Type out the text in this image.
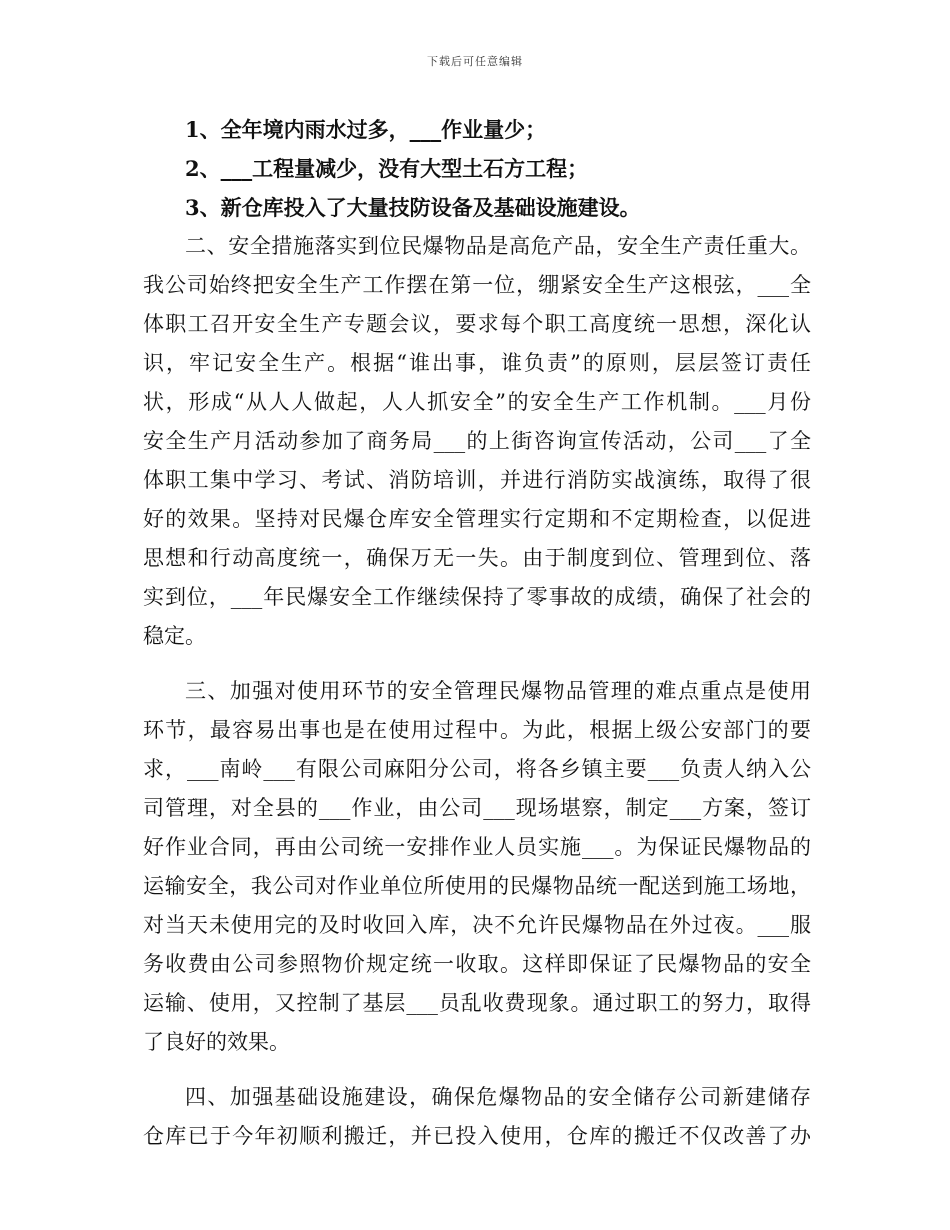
下载后可任意编辑
1、全年境内雨水过多，___作业量少；
2、___工程量减少，没有大型土石方工程；
3、新仓库投入了大量技防设备及基础设施建设。
二、安全措施落实到位民爆物品是高危产品，安全生产责任重大。
我公司始终把安全生产工作摆在第一位，绷紧安全生产这根弦，___全
体职工召开安全生产专题会议，要求每个职工高度统一思想，深化认
识，牢记安全生产。根据“谁出事，谁负责”的原则，层层签订责任
状，形成“从人人做起，人人抓安全”的安全生产工作机制。___月份
安全生产月活动参加了商务局___的上街咨询宣传活动，公司___了全
体职工集中学习、考试、消防培训，并进行消防实战演练，取得了很
好的效果。坚持对民爆仓库安全管理实行定期和不定期检查，以促进
思想和行动高度统一，确保万无一失。由于制度到位、管理到位、落
实到位，___年民爆安全工作继续保持了零事故的成绩，确保了社会的
稳定。
三、加强对使用环节的安全管理民爆物品管理的难点重点是使用
环节，最容易出事也是在使用过程中。为此，根据上级公安部门的要
求，___南岭___有限公司麻阳分公司，将各乡镇主要___负责人纳入公
司管理，对全县的___作业，由公司___现场堪察，制定___方案，签订
好作业合同，再由公司统一安排作业人员实施___。为保证民爆物品的
运输安全，我公司对作业单位所使用的民爆物品统一配送到施工场地，
对当天未使用完的及时收回入库，决不允许民爆物品在外过夜。___服
务收费由公司参照物价规定统一收取。这样即保证了民爆物品的安全
运输、使用，又控制了基层___员乱收费现象。通过职工的努力，取得
了良好的效果。
四、加强基础设施建设，确保危爆物品的安全储存公司新建储存
仓库已于今年初顺利搬迁，并已投入使用，仓库的搬迁不仅改善了办
